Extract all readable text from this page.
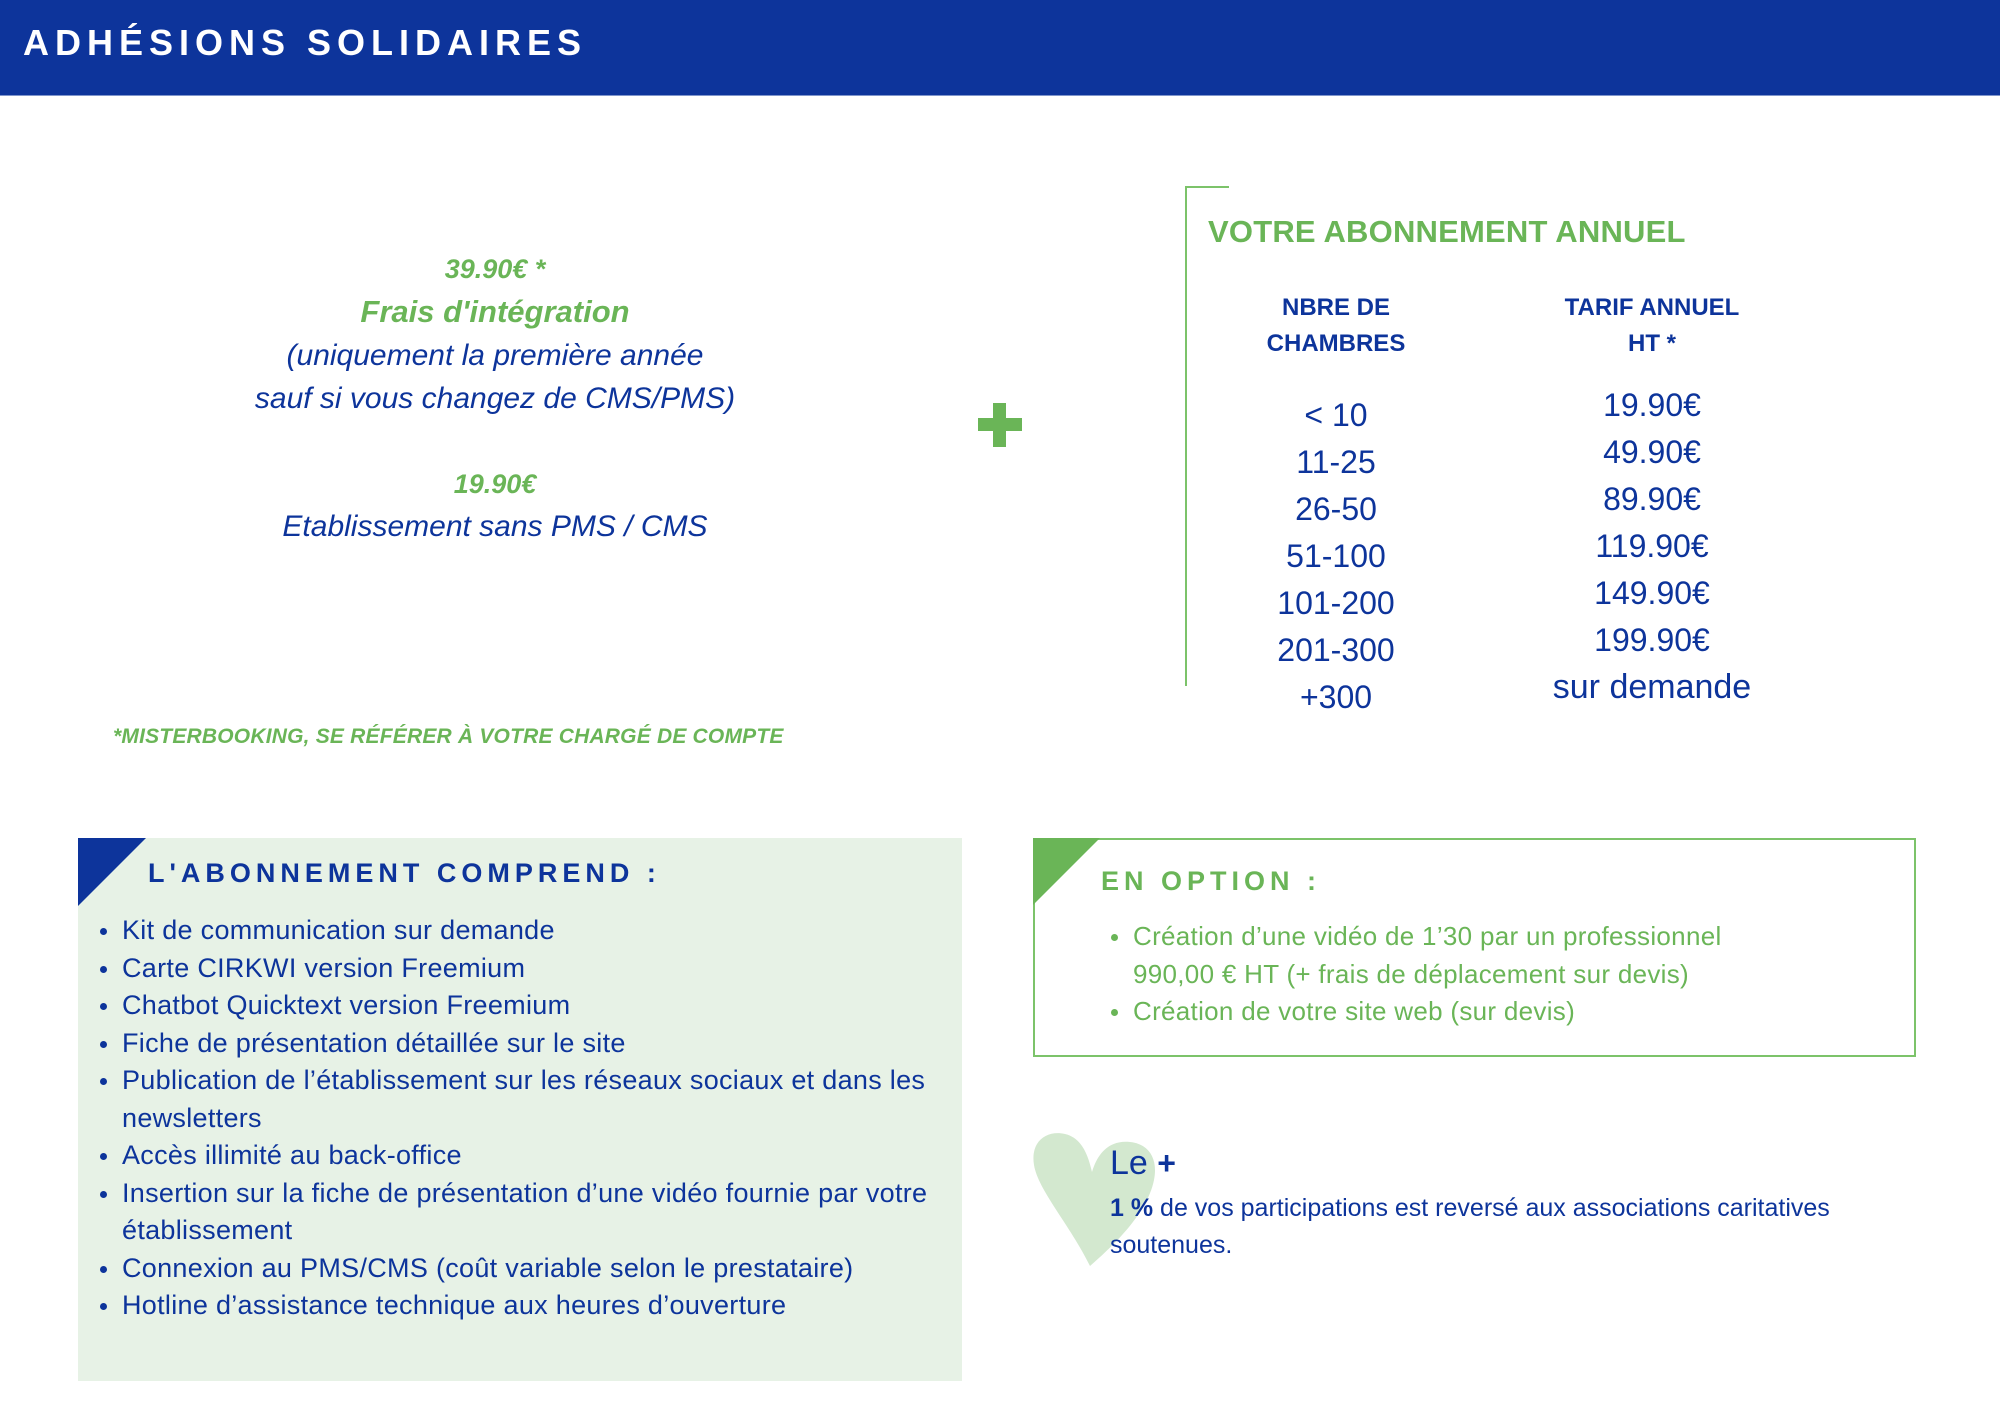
ADHÉSIONS SOLIDAIRES
39.90€ *
Frais d'intégration
(uniquement la première année
sauf si vous changez de CMS/PMS)
19.90€
Etablissement sans PMS / CMS
VOTRE ABONNEMENT ANNUEL
NBRE DE
CHAMBRES
< 10
11-25
26-50
51-100
101-200
201-300
+300
TARIF ANNUEL
HT *
19.90€
49.90€
89.90€
119.90€
149.90€
199.90€
sur demande
*MISTERBOOKING, SE RÉFÉRER À VOTRE CHARGÉ DE COMPTE
L'ABONNEMENT COMPREND :
Kit de communication sur demande
Carte CIRKWI version Freemium
Chatbot Quicktext version Freemium
Fiche de présentation détaillée sur le site
Publication de l’établissement sur les réseaux sociaux et dans les newsletters
Accès illimité au back-office
Insertion sur la fiche de présentation d’une vidéo fournie par votre établissement
Connexion au PMS/CMS (coût variable selon le prestataire)
Hotline d’assistance technique aux heures d’ouverture
EN OPTION :
Création d’une vidéo de 1’30 par un professionnel
990,00 € HT (+ frais de déplacement sur devis)
Création de votre site web (sur devis)
Le +
1 % de vos participations est reversé aux associations caritatives soutenues.
